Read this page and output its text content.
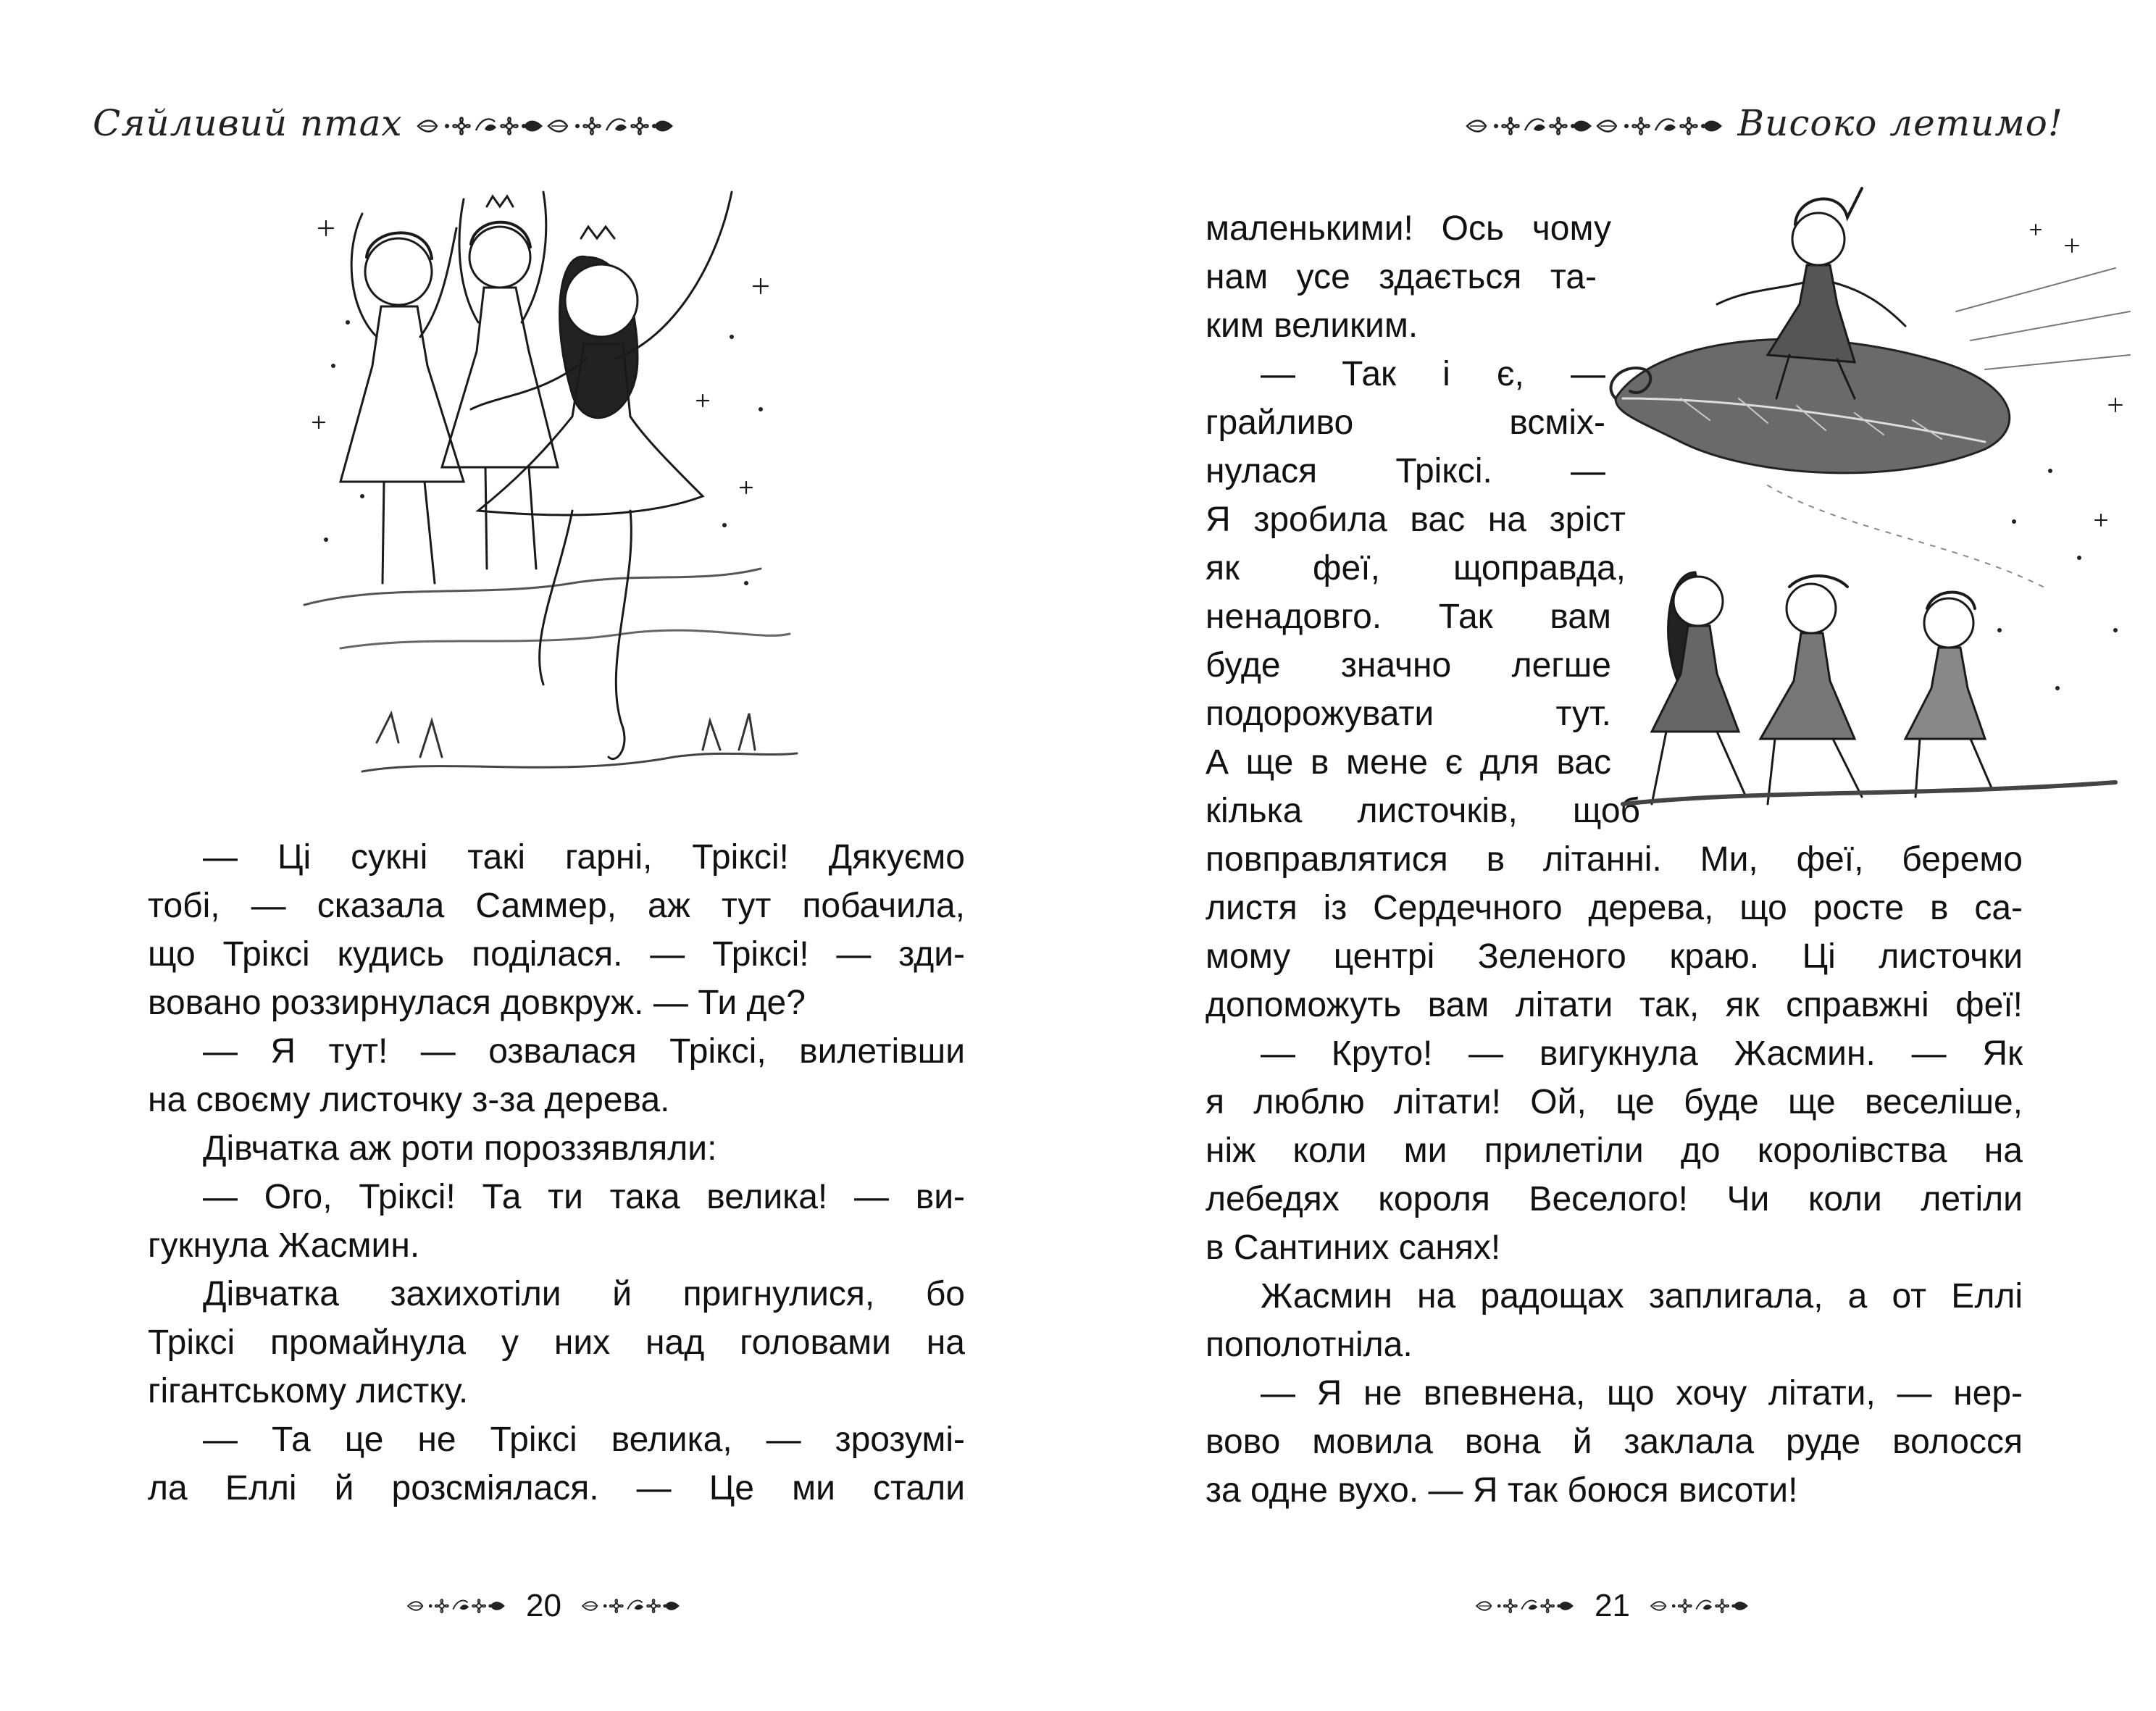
Сяйливий птах
— Ці сукні такі гарні, Тріксі! Дякуємо
тобі, — сказала Саммер, аж тут побачила,
що Тріксі кудись поділася. — Тріксі! — зди-
вовано роззирнулася довкруж. — Ти де?
— Я тут! — озвалася Тріксі, вилетівши
на своєму листочку з-за дерева.
Дівчатка аж роти пороззявляли:
— Ого, Тріксі! Та ти така велика! — ви-
гукнула Жасмин.
Дівчатка захихотіли й пригнулися, бо
Тріксі промайнула у них над головами на
гігантському листку.
— Та це не Тріксі велика, — зрозумі-
ла Еллі й розсміялася. — Це ми стали
20
Високо летимо!
маленькими! Ось чому
нам усе здається та-
ким великим.
— Так і є, —
грайливо всміх-
нулася Тріксі. —
Я зробила вас на зріст
як феї, щоправда,
ненадовго. Так вам
буде значно легше
подорожувати тут.
А ще в мене є для вас
кілька листочків, щоб
повправлятися в літанні. Ми, феї, беремо
листя із Сердечного дерева, що росте в са-
мому центрі Зеленого краю. Ці листочки
допоможуть вам літати так, як справжні феї!
— Круто! — вигукнула Жасмин. — Як
я люблю літати! Ой, це буде ще веселіше,
ніж коли ми прилетіли до королівства на
лебедях короля Веселого! Чи коли летіли
в Сантиних санях!
Жасмин на радощах заплигала, а от Еллі
пополотніла.
— Я не впевнена, що хочу літати, — нер-
вово мовила вона й заклала руде волосся
за одне вухо. — Я так боюся висоти!
21
